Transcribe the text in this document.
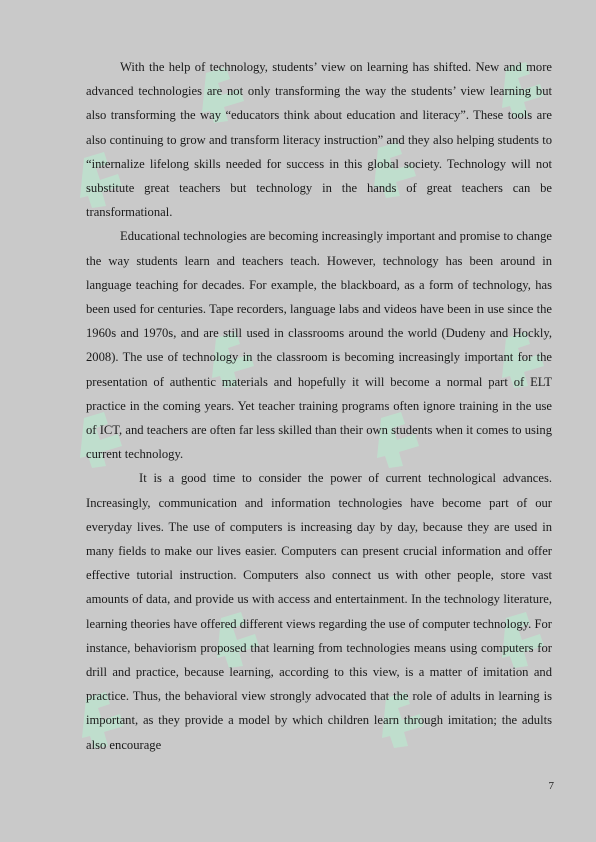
With the help of technology, students’ view on learning has shifted. New and more advanced technologies are not only transforming the way the students’ view learning but also transforming the way “educators think about education and literacy”. These tools are also continuing to grow and transform literacy instruction” and they also helping students to “internalize lifelong skills needed for success in this global society. Technology will not substitute great teachers but technology in the hands of great teachers can be transformational.

Educational technologies are becoming increasingly important and promise to change the way students learn and teachers teach. However, technology has been around in language teaching for decades. For example, the blackboard, as a form of technology, has been used for centuries. Tape recorders, language labs and videos have been in use since the 1960s and 1970s, and are still used in classrooms around the world (Dudeny and Hockly, 2008). The use of technology in the classroom is becoming increasingly important for the presentation of authentic materials and hopefully it will become a normal part of ELT practice in the coming years. Yet teacher training programs often ignore training in the use of ICT, and teachers are often far less skilled than their own students when it comes to using current technology.

It is a good time to consider the power of current technological advances. Increasingly, communication and information technologies have become part of our everyday lives. The use of computers is increasing day by day, because they are used in many fields to make our lives easier. Computers can present crucial information and offer effective tutorial instruction. Computers also connect us with other people, store vast amounts of data, and provide us with access and entertainment. In the technology literature, learning theories have offered different views regarding the use of computer technology. For instance, behaviorism proposed that learning from technologies means using computers for drill and practice, because learning, according to this view, is a matter of imitation and practice. Thus, the behavioral view strongly advocated that the role of adults in learning is important, as they provide a model by which children learn through imitation; the adults also encourage

7
